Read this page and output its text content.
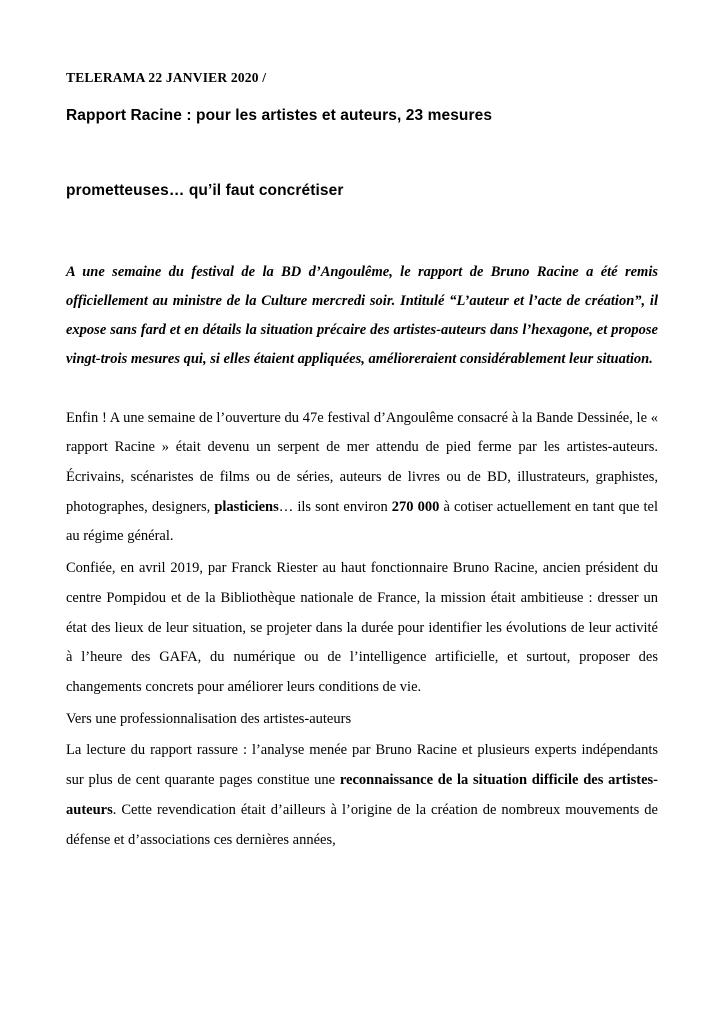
TELERAMA 22 JANVIER 2020 /
Rapport Racine : pour les artistes et auteurs, 23 mesures
prometteuses… qu’il faut concrétiser
A une semaine du festival de la BD d’Angoulême, le rapport de Bruno Racine a été remis officiellement au ministre de la Culture mercredi soir. Intitulé “L’auteur et l’acte de création”, il expose sans fard et en détails la situation précaire des artistes-auteurs dans l’hexagone, et propose vingt-trois mesures qui, si elles étaient appliquées, amélioreraient considérablement leur situation.

Enfin ! A une semaine de l’ouverture du 47e festival d’Angoulême consacré à la Bande Dessinée, le « rapport Racine » était devenu un serpent de mer attendu de pied ferme par les artistes-auteurs. Écrivains, scénaristes de films ou de séries, auteurs de livres ou de BD, illustrateurs, graphistes, photographes, designers, plasticiens… ils sont environ 270 000 à cotiser actuellement en tant que tel au régime général.

Confiée, en avril 2019, par Franck Riester au haut fonctionnaire Bruno Racine, ancien président du centre Pompidou et de la Bibliothèque nationale de France, la mission était ambitieuse : dresser un état des lieux de leur situation, se projeter dans la durée pour identifier les évolutions de leur activité à l’heure des GAFA, du numérique ou de l’intelligence artificielle, et surtout, proposer des changements concrets pour améliorer leurs conditions de vie.

Vers une professionnalisation des artistes-auteurs

La lecture du rapport rassure : l’analyse menée par Bruno Racine et plusieurs experts indépendants sur plus de cent quarante pages constitue une reconnaissance de la situation difficile des artistes-auteurs. Cette revendication était d’ailleurs à l’origine de la création de nombreux mouvements de défense et d’associations ces dernières années,
